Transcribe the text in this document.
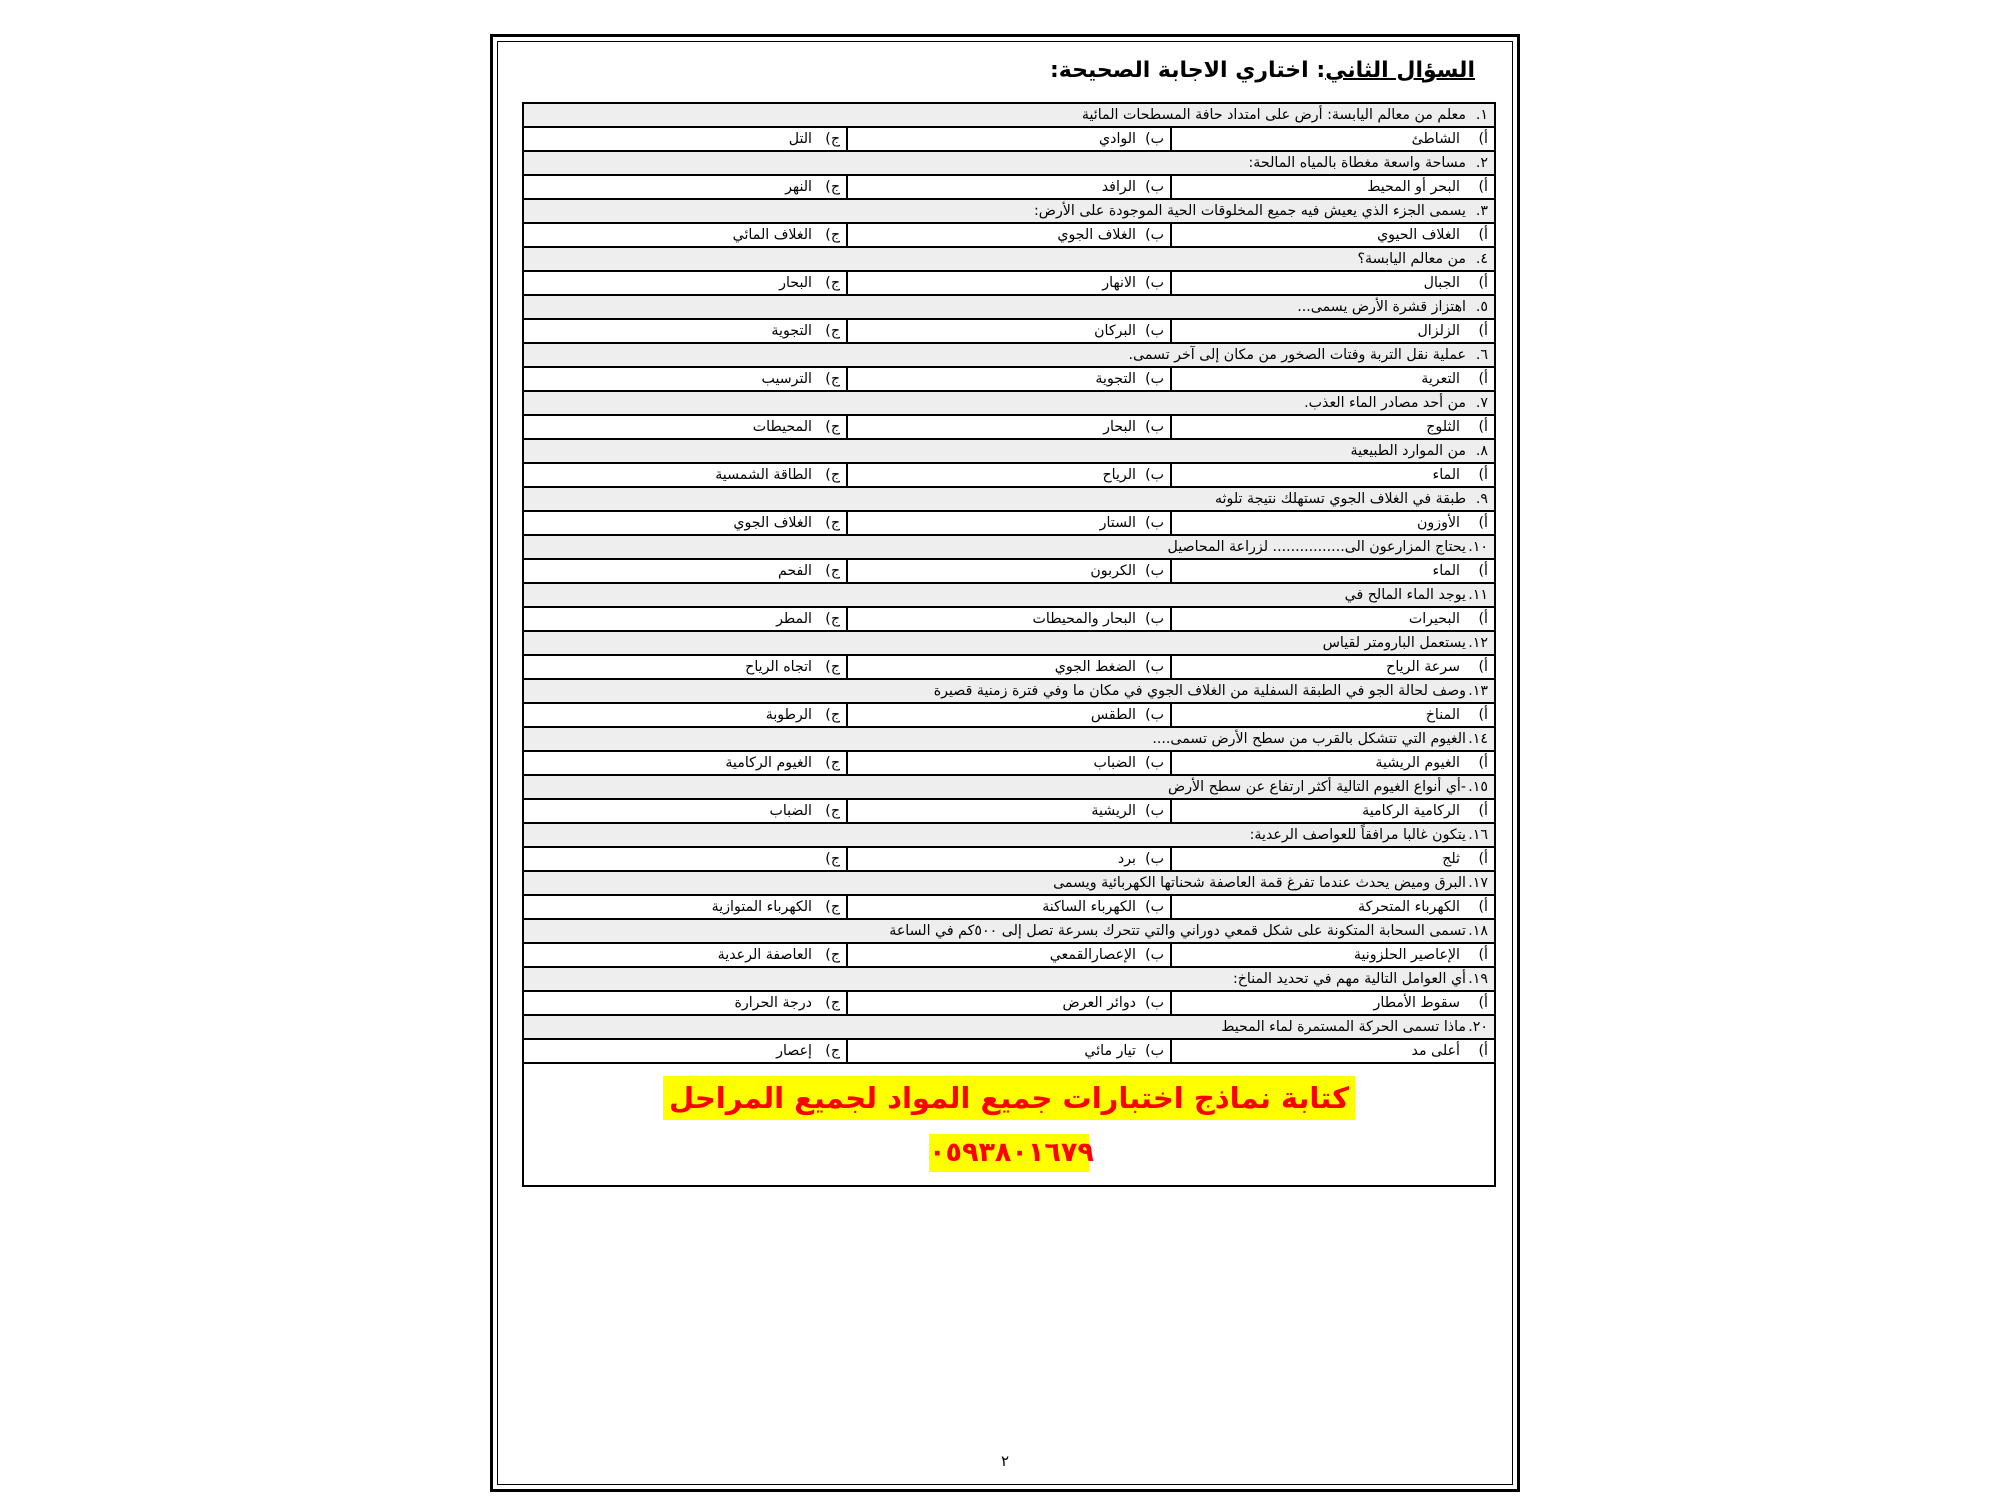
السؤال الثاني: اختاري الاجابة الصحيحة:
١.معلم من معالم اليابسة: أرض على امتداد حافة المسطحات المائية		
أ)الشاطئ	ب)الوادي	ج)التل
٢.مساحة واسعة مغطاة بالمياه المالحة:		
أ)البحر أو المحيط	ب)الرافد	ج)النهر
٣.يسمى الجزء الذي يعيش فيه جميع المخلوقات الحية الموجودة على الأرض:		
أ)الغلاف الحيوي	ب)الغلاف الجوي	ج)الغلاف المائي
٤.من معالم اليابسة؟		
أ)الجبال	ب)الانهار	ج)البحار
٥.اهتزاز قشرة الأرض يسمى...		
أ)الزلزال	ب)البركان	ج)التجوية
٦.عملية نقل التربة وفتات الصخور من مكان إلى آخر تسمى.		
أ)التعرية	ب)التجوية	ج)الترسيب
٧.من أحد مصادر الماء العذب.		
أ)الثلوج	ب)البحار	ج)المحيطات
٨.من الموارد الطبيعية		
أ)الماء	ب)الرياح	ج)الطاقة الشمسية
٩.طبقة في الغلاف الجوي تستهلك نتيجة تلوثه		
أ)الأوزون	ب)الستار	ج)الغلاف الجوي
١٠.يحتاج المزارعون الى................ لزراعة المحاصيل		
أ)الماء	ب)الكربون	ج)الفحم
١١.يوجد الماء المالح في		
أ)البحيرات	ب)البحار والمحيطات	ج)المطر
١٢.يستعمل البارومتر لقياس		
أ)سرعة الرياح	ب)الضغط الجوي	ج)اتجاه الرياح
١٣.وصف لحالة الجو في الطبقة السفلية من الغلاف الجوي في مكان ما وفي فترة زمنية قصيرة		
أ)المناخ	ب)الطقس	ج)الرطوبة
١٤.الغيوم التي تتشكل بالقرب من سطح الأرض تسمى....		
أ)الغيوم الريشية	ب)الضباب	ج)الغيوم الركامية
١٥.-أي أنواع الغيوم التالية أكثر ارتفاع عن سطح الأرض		
أ)الركامية الركامية	ب)الريشية	ج)الضباب
١٦.يتكون غالبا مرافقاً للعواصف الرعدية:		
أ)ثلج	ب)برد	ج)
١٧.البرق وميض يحدث عندما تفرغ قمة العاصفة شحناتها الكهربائية ويسمى		
أ)الكهرباء المتحركة	ب)الكهرباء الساكنة	ج)الكهرباء المتوازية
١٨.تسمى السحابة المتكونة على شكل قمعي دوراني والتي تتحرك بسرعة تصل إلى ٥٠٠كم في الساعة		
أ)الإعاصير الحلزونية	ب)الإعصارالقمعي	ج)العاصفة الرعدية
١٩.أي العوامل التالية مهم في تحديد المناخ:		
أ)سقوط الأمطار	ب)دوائر العرض	ج)درجة الحرارة
٢٠.ماذا تسمى الحركة المستمرة لماء المحيط		
أ)أعلى مد	ب)تيار مائي	ج)إعصار
كتابة نماذج اختبارات جميع المواد لجميع المراحل
٠٥٩٣٨٠١٦٧٩		
٢
